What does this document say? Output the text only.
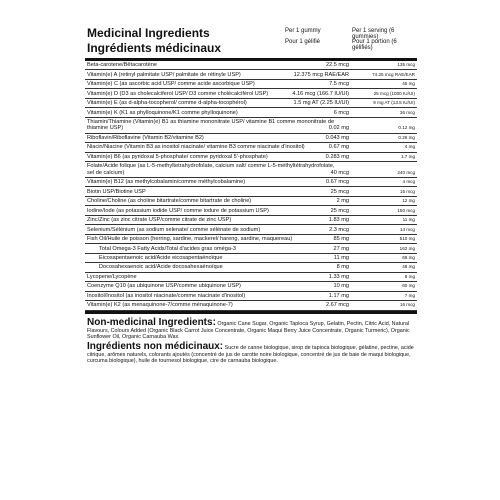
Medicinal Ingredients
Ingrédients médicinaux
Per 1 gummy
Pour 1 gélifié
Per 1 serving (6 gummies)
Pour 1 portion (6 gélifiés)
Beta-carotene/Bêtacarotène	22.5 mcg	135 mcg
Vitamin(e) A (retinyl palmitate USP/ palmitate de rétinyle USP)	12.375 mcg RAE/EAR	74.25 mcg RAE/EAR
Vitamin(e) C (as ascorbic acid USP/ comme acide ascorbique USP)	7.5 mcg	45 mg
Vitamin(e) D (D3 as cholecalciferol USP/ D3 comme cholécalciférol USP)	4.16 mcg (166.7 IU/UI)	25 mcg (1000 IU/UI)
Vitamin(e) E (as d-alpha-tocopherol/ comme d-alpha-tocophérol)	1.5 mg AT (2.25 IU/UI)	9 mg AT (13.5 IU/UI)
Vitamin(e) K (K1 as phylloquinone/K1 comme phylloquinone)	6 mcg	36 mcg
Thiamin/Thiamine (Vitamin(e) B1 as thiamine mononitrate USP/ vitamine B1 comme mononitrate de thiamine USP)	0.02 mg	0.12 mg
Riboflavin/Riboflavine (Vitamin B2/vitamine B2)	0.043 mg	0.26 mg
Niacin/Niacine (Vitamin B3 as inositol niacinate/ vitamine B3 comme niacinate d'inositol)	0.67 mg	4 mg
Vitamin(e) B6 (as pyridoxal 5-phosphate/ comme pyridoxal 5'-phosphate)	0.283 mg	1.7 mg
Folate/Acide folique (as L-5-methyltetrahydrofolate, calcium salt/ comme L-5-méthyltétrahydrofolate, sel de calcium)	40 mcg	240 mcg
Vitamin(e) B12 (as methylcobalamin/comme méthylcobalamine)	0.67 mcg	4 mcg
Biotin USP/Biotine USP	25 mcg	15 mcg
Choline/Choline (as choline bitartrate/comme bitartrate de choline)	2 mg	12 mg
Iodine/Iode (as potassium iodide USP/ comme iodure de potassium USP)	25 mcg	150 mcg
Zinc/Zinc (as zinc citrate USP/comme citrate de zinc USP)	1.83 mg	11 mg
Selenium/Sélénium (as sodium selenate/ comme sélénate de sodium)	2.3 mcg	14 mcg
Fish Oil/Huile de poisson (herring, sardine, mackerel/ hareng, sardine, maquereau)	85 mg	510 mg
Total Omega-3 Fatty Acids/Total d'acides gras oméga-3	27 mg	162 mg
Eicosapentaenoic acid/Acide eicosapentaénoïque	11 mg	66 mg
Docosahexaenoic acid/Acide docosahexaénoïque	8 mg	48 mg
Lycopene/Lycopène	1.33 mg	8 mg
Coenzyme Q10 (as ubiquinone USP/comme ubiquinone USP)	10 mg	60 mg
Inositol/Inositol (as inositol niacinate/comme niacinate d'inositol)	1.17 mg	7 mg
Vitamin(e) K2 (as menaquinone-7/comme ménaquinone-7)	2.67 mcg	16 mcg
Non-medicinal Ingredients: Organic Cane Sugar, Organic Tapioca Syrup, Gelatin, Pectin, Citric Acid, Natural Flavours, Colours Added (Organic Black Carrot Juice Concentrate, Organic Maqui Berry Juice Concentrate, Organic Turmeric), Organic Sunflower Oil, Organic Carnauba Wax.
Ingrédients non médicinaux: Sucre de canne biologique, sirop de tapioca biologique, gélatine, pectine, acide citrique, arômes naturels, colorants ajoutés (concentré de jus de carotte noire biologique, concentré de jus de baie de maqui biologique, curcuma biologique), huile de tournesol biologique, cire de carnauba biologique.
